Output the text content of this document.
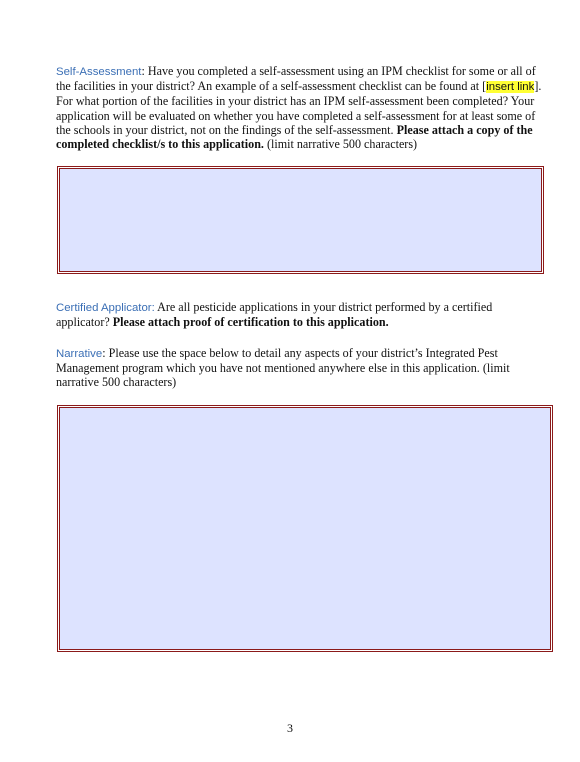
Self-Assessment: Have you completed a self-assessment using an IPM checklist for some or all of the facilities in your district? An example of a self-assessment checklist can be found at [insert link]. For what portion of the facilities in your district has an IPM self-assessment been completed? Your application will be evaluated on whether you have completed a self-assessment for at least some of the schools in your district, not on the findings of the self-assessment. Please attach a copy of the completed checklist/s to this application. (limit narrative 500 characters)

Certified Applicator: Are all pesticide applications in your district performed by a certified applicator? Please attach proof of certification to this application.

Narrative: Please use the space below to detail any aspects of your district’s Integrated Pest Management program which you have not mentioned anywhere else in this application. (limit narrative 500 characters)

3
